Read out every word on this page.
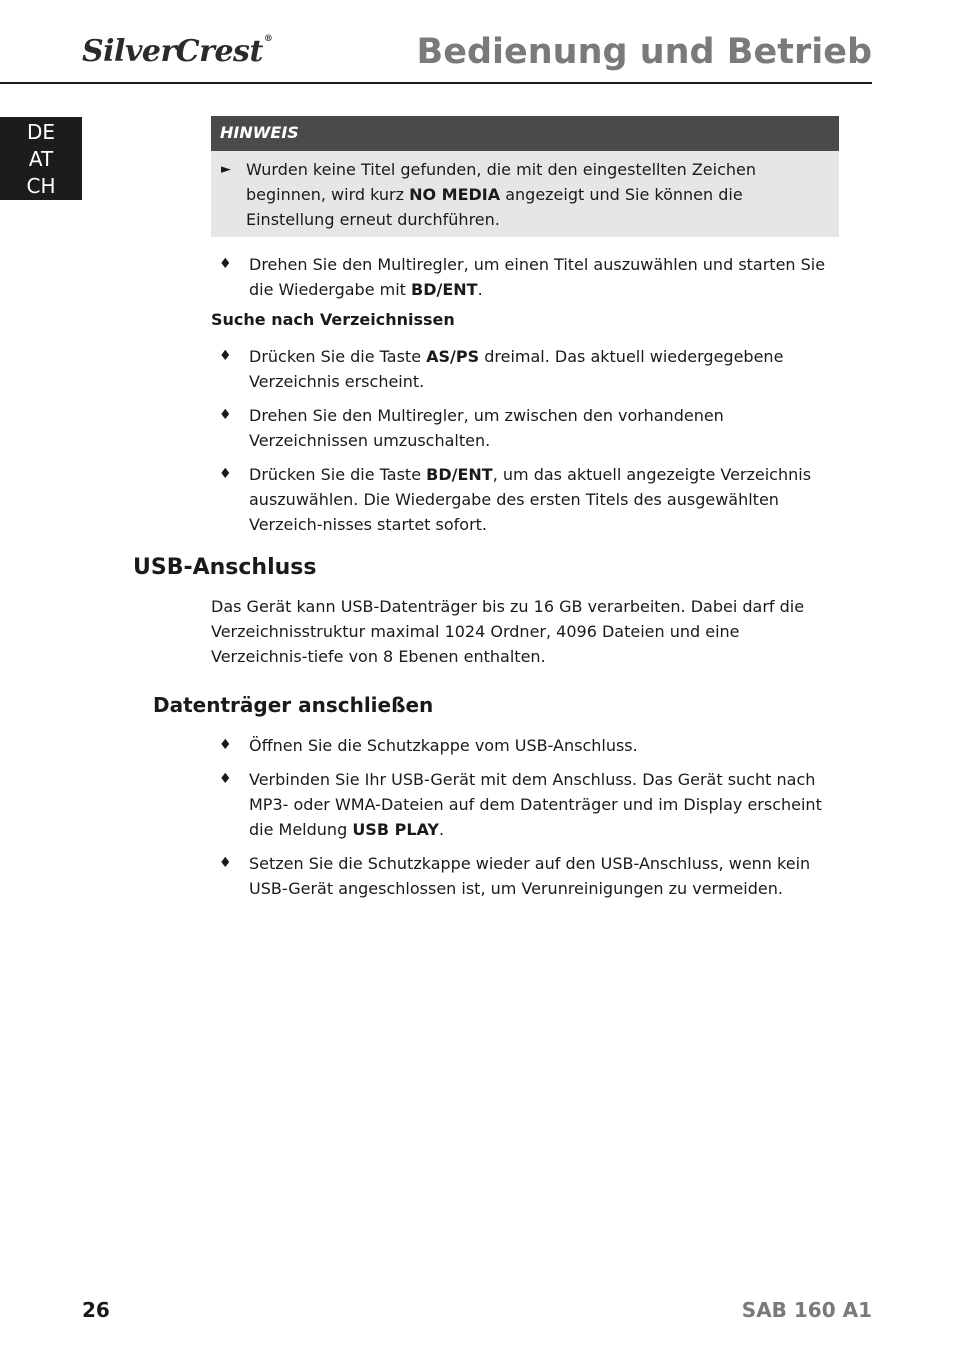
SilverCrest®	Bedienung und Betrieb
DE
AT
CH
HINWEIS
► Wurden keine Titel gefunden, die mit den eingestellten Zeichen beginnen, wird kurz NO MEDIA angezeigt und Sie können die Einstellung erneut durchführen.
♦ Drehen Sie den Multiregler, um einen Titel auszuwählen und starten Sie die Wiedergabe mit BD/ENT.
Suche nach Verzeichnissen
♦ Drücken Sie die Taste AS/PS dreimal. Das aktuell wiedergegebene Verzeichnis erscheint.
♦ Drehen Sie den Multiregler, um zwischen den vorhandenen Verzeichnissen umzuschalten.
♦ Drücken Sie die Taste BD/ENT, um das aktuell angezeigte Verzeichnis auszuwählen. Die Wiedergabe des ersten Titels des ausgewählten Verzeich-nisses startet sofort.
USB-Anschluss
Das Gerät kann USB-Datenträger bis zu 16 GB verarbeiten. Dabei darf die Verzeichnisstruktur maximal 1024 Ordner, 4096 Dateien und eine Verzeichnis-tiefe von 8 Ebenen enthalten.
Datenträger anschließen
♦ Öffnen Sie die Schutzkappe vom USB-Anschluss.
♦ Verbinden Sie Ihr USB-Gerät mit dem Anschluss. Das Gerät sucht nach MP3- oder WMA-Dateien auf dem Datenträger und im Display erscheint die Meldung USB PLAY.
♦ Setzen Sie die Schutzkappe wieder auf den USB-Anschluss, wenn kein USB-Gerät angeschlossen ist, um Verunreinigungen zu vermeiden.
26	SAB 160 A1
